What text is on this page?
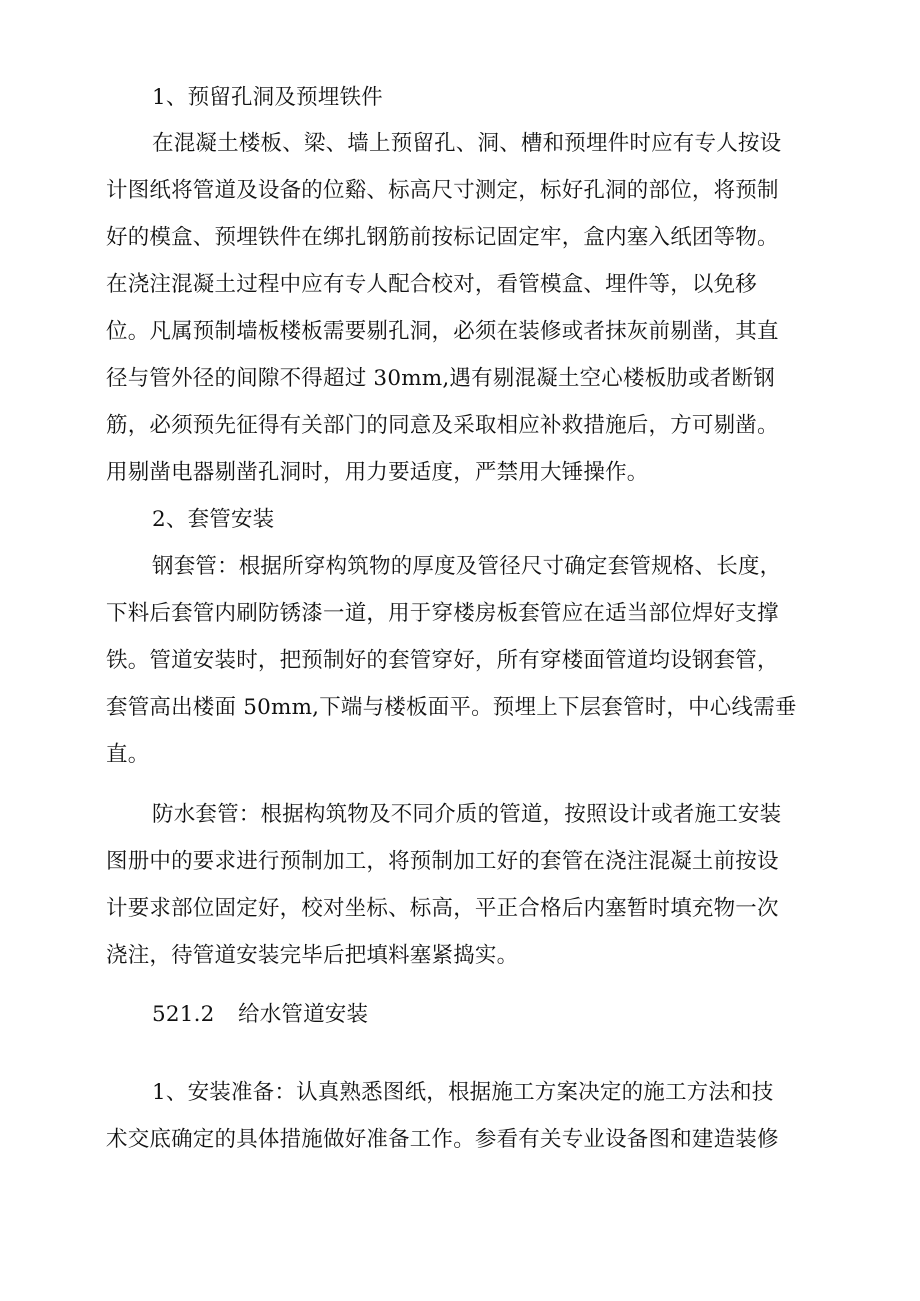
1、预留孔洞及预埋铁件
在混凝土楼板、梁、墙上预留孔、洞、槽和预埋件时应有专人按设
计图纸将管道及设备的位谿、标高尺寸测定，标好孔洞的部位，将预制
好的模盒、预埋铁件在绑扎钢筋前按标记固定牢，盒内塞入纸团等物。
在浇注混凝土过程中应有专人配合校对，看管模盒、埋件等，以免移
位。凡属预制墙板楼板需要剔孔洞，必须在装修或者抹灰前剔凿，其直
径与管外径的间隙不得超过 30mm,遇有剔混凝土空心楼板肋或者断钢
筋，必须预先征得有关部门的同意及采取相应补救措施后，方可剔凿。
用剔凿电器剔凿孔洞时，用力要适度，严禁用大锤操作。
2、套管安装
钢套管：根据所穿构筑物的厚度及管径尺寸确定套管规格、长度，
下料后套管内刷防锈漆一道，用于穿楼房板套管应在适当部位焊好支撑
铁。管道安装时，把预制好的套管穿好，所有穿楼面管道均设钢套管，
套管高出楼面 50mm,下端与楼板面平。预埋上下层套管时，中心线需垂
直。
防水套管：根据构筑物及不同介质的管道，按照设计或者施工安装
图册中的要求进行预制加工，将预制加工好的套管在浇注混凝土前按设
计要求部位固定好，校对坐标、标高，平正合格后内塞暂时填充物一次
浇注，待管道安装完毕后把填料塞紧捣实。
521.2 给水管道安装
1、安装准备：认真熟悉图纸，根据施工方案决定的施工方法和技
术交底确定的具体措施做好准备工作。参看有关专业设备图和建造装修
